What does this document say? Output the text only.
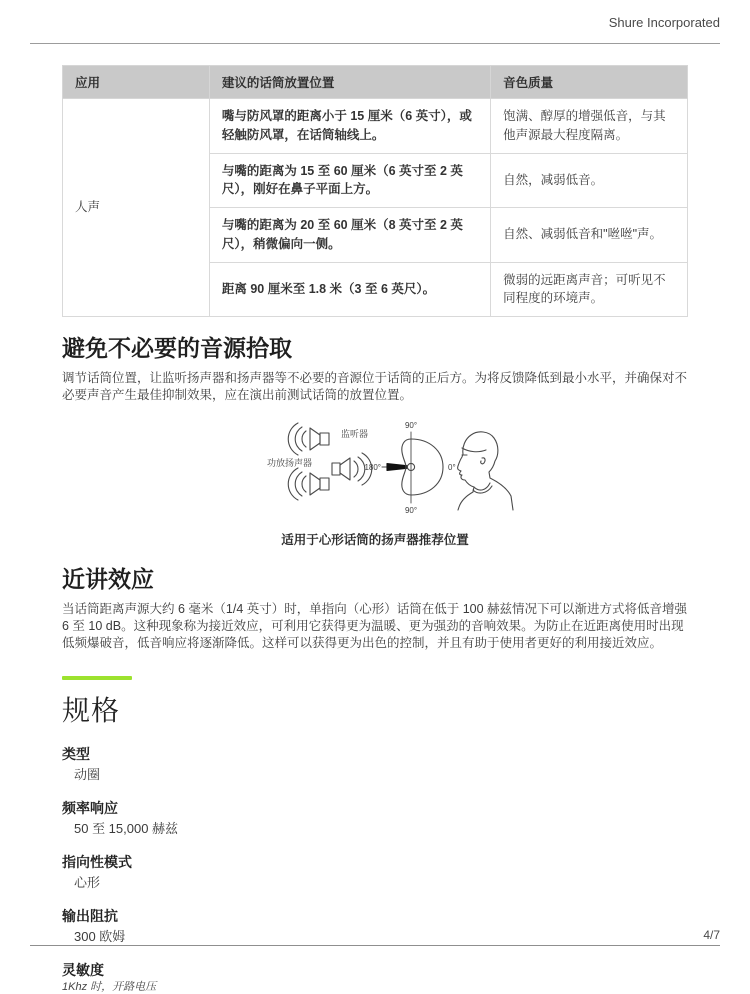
Shure Incorporated
应用	建议的话筒放置位置	音色质量
人声	嘴与防风罩的距离小于 15 厘米（6 英寸），或轻触防风罩，在话筒轴线上。	饱满、醇厚的增强低音，与其他声源最大程度隔离。
	与嘴的距离为 15 至 60 厘米（6 英寸至 2 英尺），刚好在鼻子平面上方。	自然，减弱低音。
	与嘴的距离为 20 至 60 厘米（8 英寸至 2 英尺），稍微偏向一侧。	自然、减弱低音和"咝咝"声。
	距离 90 厘米至 1.8 米（3 至 6 英尺）。	微弱的远距离声音；可听见不同程度的环境声。
避免不必要的音源拾取

调节话筒位置，让监听扬声器和扬声器等不必要的音源位于话筒的正后方。为将反馈降低到最小水平，并确保对不必要声音产生最佳抑制效果，应在演出前测试话筒的放置位置。

监听器
功放扬声器
90°
90°
180°	0°
适用于心形话筒的扬声器推荐位置
近讲效应

当话筒距离声源大约 6 毫米（1/4 英寸）时，单指向（心形）话筒在低于 100 赫兹情况下可以渐进方式将低音增强 6 至 10 dB。这种现象称为接近效应，可利用它获得更为温暖、更为强劲的音响效果。为防止在近距离使用时出现低频爆破音，低音响应将逐渐降低。这样可以获得更为出色的控制，并且有助于使用者更好的利用接近效应。

规格
类型
动圈
频率响应
50 至 15,000 赫兹
指向性模式
心形
输出阻抗
300 欧姆
灵敏度
1Khz 时，开路电压
4/7
